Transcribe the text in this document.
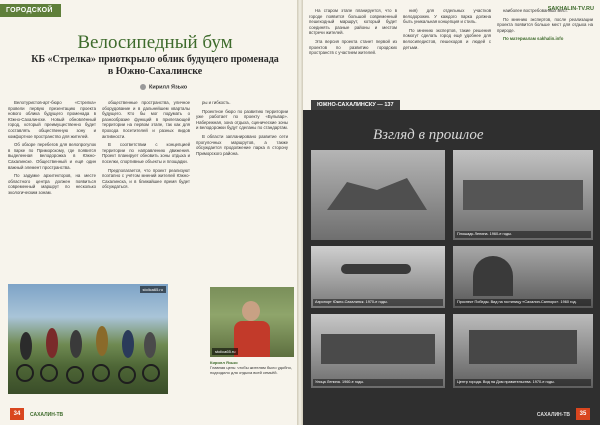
ГОРОДСКОЙ
Велосипедный бум
КБ «Стрелка» приоткрыло облик будущего променада в Южно-Сахалинске
Кирилл Язько

Велотуристов-арт-бюро «Стрелка» провели первую презентацию проекта нового облика будущего променада в Южно-Сахалинске. Новый обновлённый город, который преимущественно будет составлять общественную зону и комфортное пространство для жителей.

Об обзоре перебегов для велопрогулок в парке по Приморскому, где появится выделенная велодорожка в Южно-Сахалинске. Общественный и ещё один важный элемент пространства.

По задумке архитекторов, на месте областного центра должен появиться современный маршрут по несколько экологическим зонам.

общественные пространства, уличное оборудование и в дальнейшем кварталы будущего. Кто бы мог подумать о разнообразие функций в прилегающей территории на первом этапе, так как для прохода посетителей и разных видов активности.

В соответствии с концепцией территории по направлению движения. Проект планирует обновить зоны отдыха и поселки, спортивные объекты и площадки.

Предполагается, что проект реализуют поэтапно с учётом мнений жителей Южно-Сахалинска, и в ближайшее время будет обсуждаться.

ры и гибкость.

Проектное бюро по развитию территории уже работает по проекту «Бульвар». Набережная, зона отдыха, сценические зоны и велодорожки будут сделаны по стандартам.

В области запланировано развитие сети прогулочных маршрутов, а также обсуждается продолжение парка в сторону Приморского района.

stolica65.ru
stolica65.ru
Кирилл Язько
Главная цель: чтобы жителям было удобно, подходило для отдыха всей семьёй.
34	САХАЛИН-ТВ
SAKHALIN-TV.RU

На старом этапе планируется, что в городе появится большой современный пешеходный маршрут, который будет соединять разные районы и местом встречи жителей.

Эта версия проекта станет первой из проектов по развитию городских пространств с участием жителей.

ния) для отдельных участков велодорожек. У каждого парка должна быть уникальная концепция и стиль.

По мнению экспертов, такие решения помогут сделать город ещё удобнее для велосипедистов, пешеходов и людей с детьми.

наиболее востребованных мест.

По мнению экспертов, после реализации проекта появится больше мест для отдыха на природе.

По материалам sakhalin.info

ЮЖНО-САХАЛИНСКУ — 137
Взгляд в прошлое
Плошадь Ленина. 1960-е годы.
Аэропорт Южно-Сахалинск. 1970-е годы.	Проспект Победы. Вид на гостиницу «Сахалин-Саппоро». 1960 год.
Улица Ленина. 1960-е годы.	Центр города. Вид на Дом правительства. 1970-е годы.
САХАЛИН-ТВ	35
